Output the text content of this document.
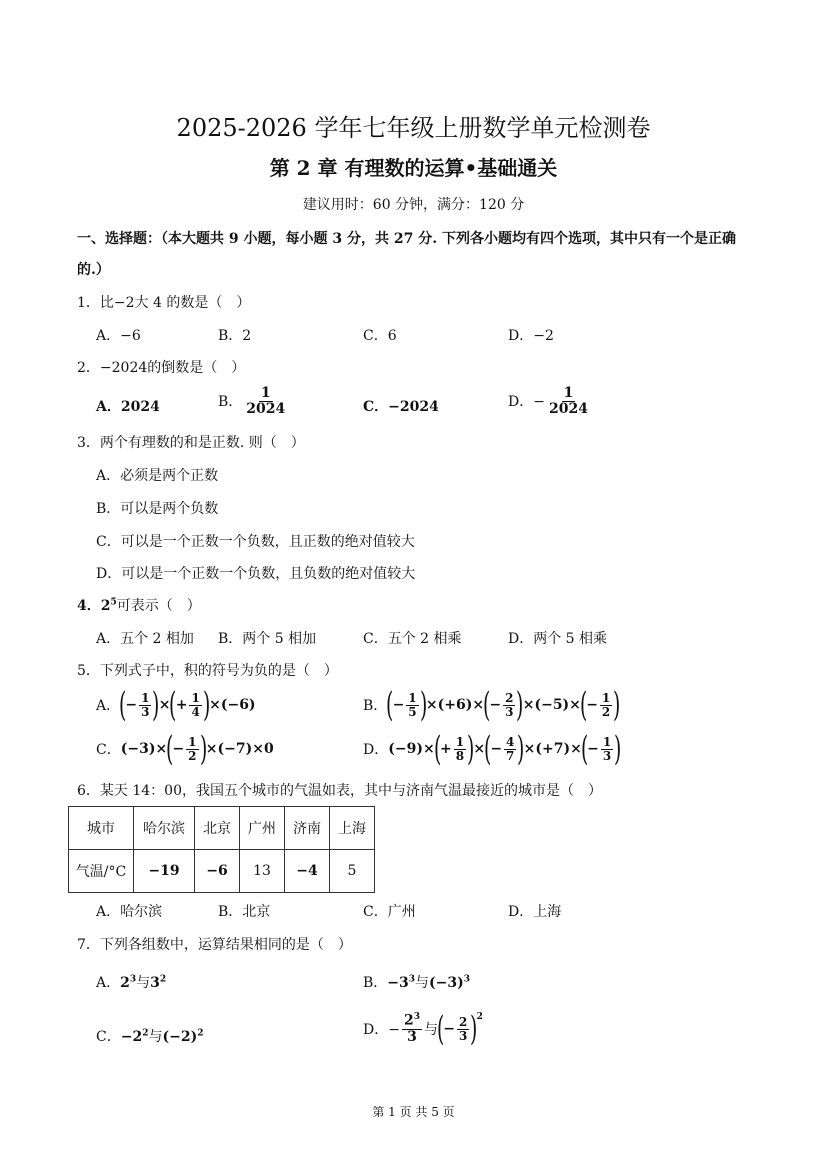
2025-2026 学年七年级上册数学单元检测卷
第 2 章 有理数的运算•基础通关
建议用时：60 分钟，满分：120 分
一、选择题：（本大题共 9 小题，每小题 3 分，共 27 分. 下列各小题均有四个选项，其中只有一个是正确
的.）
1．比−2大 4 的数是（　）
A．−6	B．2	C．6	D．−2
2．−2024的倒数是（　）
A．2024	B． $\frac{1}{2024}$	C．−2024	D．− $\frac{1}{2024}$
3．两个有理数的和是正数. 则（　）
A．必须是两个正数
B．可以是两个负数
C．可以是一个正数一个负数，且正数的绝对值较大
D．可以是一个正数一个负数，且负数的绝对值较大
4．$2^5$可表示（　）
A．五个 2 相加 B．两个 5 相加	C．五个 2 相乘	D．两个 5 相乘
5．下列式子中，积的符号为负的是（　）
A．
(
− $\frac{1}{3}$ )
×
(
+ $\frac{1}{4}$ )
×(−6)	B．
(
− $\frac{1}{5}$ )
×(+6)×
(
− $\frac{2}{3}$ )
×(−5)×
(
− $\frac{1}{2}$ )
C． (−3)×
(
− $\frac{1}{2}$ )
×(−7)×0	D． (−9)×
(
+ $\frac{1}{8}$ )
×
(
− $\frac{4}{7}$ )
×(+7)×
(
− $\frac{1}{3}$ )
6．某天 14：00，我国五个城市的气温如表，其中与济南气温最接近的城市是（　）
城市	哈尔滨	北京	广州	济南	上海
气温/°C	−19	−6	13	−4	5
A．哈尔滨	B．北京	C．广州	D．上海
7．下列各组数中，运算结果相同的是（　）
A．$2^3$与$3^2$	B．$-3^3$与$(-3)^3$
C．$-2^2$与$(-2)^2$	D．− $\frac{2^3}{3}$ 与
(
− $\frac{2}{3}$ )
2
第 1 页 共 5 页
